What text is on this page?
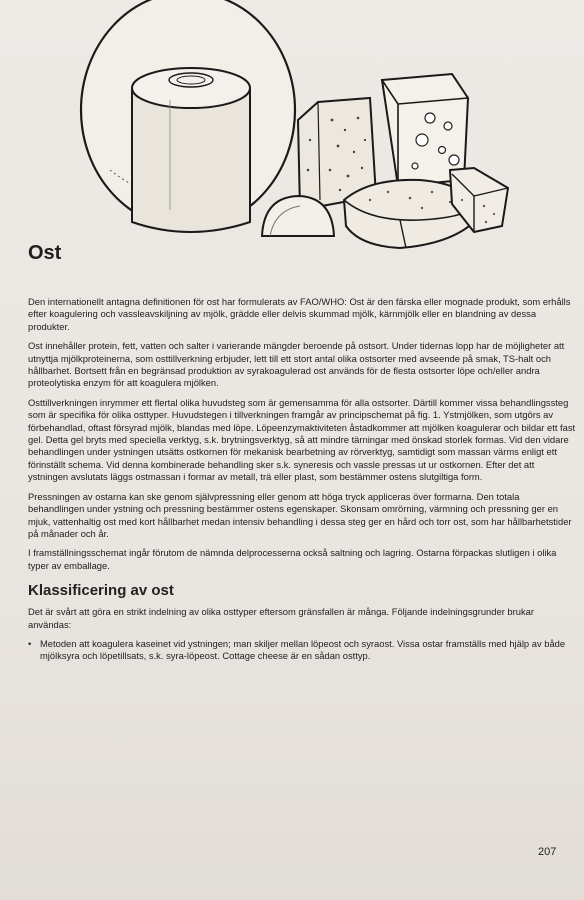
Ost

Den internationellt antagna definitionen för ost har formulerats av FAO/WHO: Ost är den färska eller mognade produkt, som erhålls efter koagulering och vassleavskiljning av mjölk, grädde eller delvis skummad mjölk, kärnmjölk eller en blandning av dessa produkter.

Ost innehåller protein, fett, vatten och salter i varierande mängder beroende på ostsort. Under tidernas lopp har de möjligheter att utnyttja mjölkproteinerna, som osttillverkning erbjuder, lett till ett stort antal olika ostsorter med avseende på smak, TS-halt och hållbarhet. Bortsett från en begränsad produktion av syrakoagulerad ost används för de flesta ostsorter löpe och/eller andra proteolytiska enzym för att koagulera mjölken.

Osttillverkningen inrymmer ett flertal olika huvudsteg som är gemensamma för alla ostsorter. Därtill kommer vissa behandlingssteg som är specifika för olika osttyper. Huvudstegen i tillverkningen framgår av principschemat på fig. 1. Ystmjölken, som utgörs av förbehandlad, oftast försyrad mjölk, blandas med löpe. Löpeenzymaktiviteten åstadkommer att mjölken koagulerar och bildar ett fast gel. Detta gel bryts med speciella verktyg, s.k. brytningsverktyg, så att mindre tärningar med önskad storlek formas. Vid den vidare behandlingen under ystningen utsätts ostkornen för mekanisk bearbetning av rörverktyg, samtidigt som massan värms enligt ett förinställt schema. Vid denna kombinerade behandling sker s.k. syneresis och vassle pressas ut ur ostkornen. Efter det att ystningen avslutats läggs ostmassan i formar av metall, trä eller plast, som bestämmer ostens slutgiltiga form.

Pressningen av ostarna kan ske genom självpressning eller genom att höga tryck appliceras över formarna. Den totala behandlingen under ystning och pressning bestämmer ostens egenskaper. Skonsam omrörning, värmning och pressning ger en mjuk, vattenhaltig ost med kort hållbarhet medan intensiv behandling i dessa steg ger en hård och torr ost, som har hållbarhetstider på månader och år.

I framställningsschemat ingår förutom de nämnda delprocesserna också saltning och lagring. Ostarna förpackas slutligen i olika typer av emballage.

Klassificering av ost

Det är svårt att göra en strikt indelning av olika osttyper eftersom gränsfallen är många. Följande indelningsgrunder brukar användas:

• Metoden att koagulera kaseinet vid ystningen; man skiljer mellan löpeost och syraost. Vissa ostar framställs med hjälp av både mjölksyra och löpetillsats, s.k. syra-löpeost. Cottage cheese är en sådan osttyp.
207
